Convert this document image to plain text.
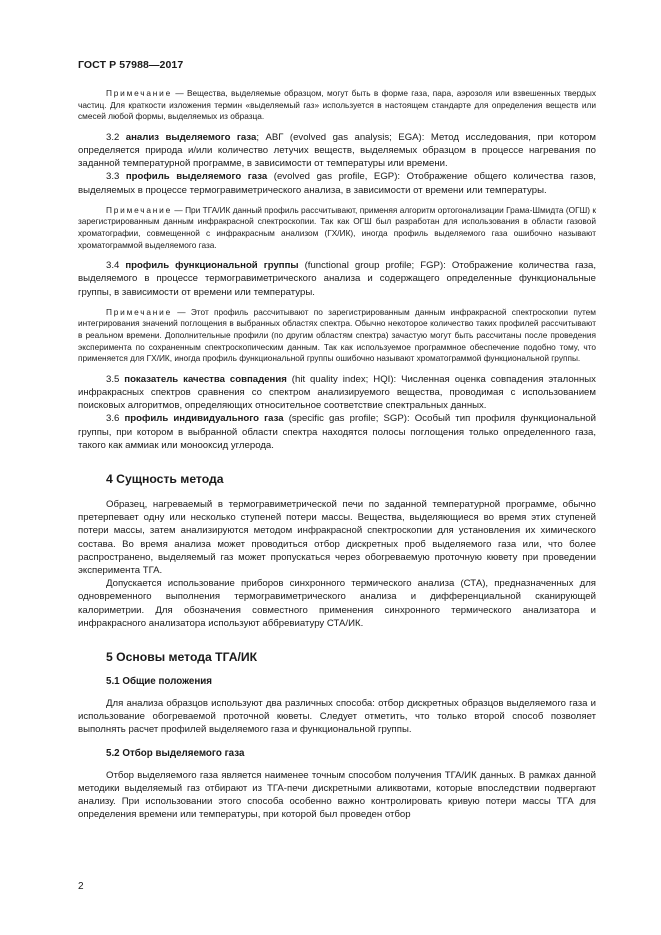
ГОСТ Р 57988—2017

Примечание — Вещества, выделяемые образцом, могут быть в форме газа, пара, аэрозоля или взвешенных твердых частиц. Для краткости изложения термин «выделяемый газ» используется в настоящем стандарте для определения веществ или смесей любой формы, выделяемых из образца.

3.2 анализ выделяемого газа; АВГ (evolved gas analysis; EGA): Метод исследования, при котором определяется природа и/или количество летучих веществ, выделяемых образцом в процессе нагревания по заданной температурной программе, в зависимости от температуры или времени.

3.3 профиль выделяемого газа (evolved gas profile, EGP): Отображение общего количества газов, выделяемых в процессе термогравиметрического анализа, в зависимости от времени или температуры.

Примечание — При ТГА/ИК данный профиль рассчитывают, применяя алгоритм ортогонализации Грама-Шмидта (ОГШ) к зарегистрированным данным инфракрасной спектроскопии. Так как ОГШ был разработан для использования в области газовой хроматографии, совмещенной с инфракрасным анализом (ГХ/ИК), иногда профиль выделяемого газа ошибочно называют хроматограммой выделяемого газа.

3.4 профиль функциональной группы (functional group profile; FGP): Отображение количества газа, выделяемого в процессе термогравиметрического анализа и содержащего определенные функциональные группы, в зависимости от времени или температуры.

Примечание — Этот профиль рассчитывают по зарегистрированным данным инфракрасной спектроскопии путем интегрирования значений поглощения в выбранных областях спектра. Обычно некоторое количество таких профилей рассчитывают в реальном времени. Дополнительные профили (по другим областям спектра) зачастую могут быть рассчитаны после проведения эксперимента по сохраненным спектроскопическим данным. Так как используемое программное обеспечение подобно тому, что применяется для ГХ/ИК, иногда профиль функциональной группы ошибочно называют хроматограммой функциональной группы.

3.5 показатель качества совпадения (hit quality index; HQI): Численная оценка совпадения эталонных инфракрасных спектров сравнения со спектром анализируемого вещества, проводимая с использованием поисковых алгоритмов, определяющих относительное соответствие спектральных данных.

3.6 профиль индивидуального газа (specific gas profile; SGP): Особый тип профиля функциональной группы, при котором в выбранной области спектра находятся полосы поглощения только определенного газа, такого как аммиак или монооксид углерода.

4 Сущность метода

Образец, нагреваемый в термогравиметрической печи по заданной температурной программе, обычно претерпевает одну или несколько ступеней потери массы. Вещества, выделяющиеся во время этих ступеней потери массы, затем анализируются методом инфракрасной спектроскопии для установления их химического состава. Во время анализа может проводиться отбор дискретных проб выделяемого газа или, что более распространено, выделяемый газ может пропускаться через обогреваемую проточную кювету при проведении эксперимента ТГА.

Допускается использование приборов синхронного термического анализа (СТА), предназначенных для одновременного выполнения термогравиметрического анализа и дифференциальной сканирующей калориметрии. Для обозначения совместного применения синхронного термического анализатора и инфракрасного анализатора используют аббревиатуру СТА/ИК.

5 Основы метода ТГА/ИК
5.1 Общие положения

Для анализа образцов используют два различных способа: отбор дискретных образцов выделяемого газа и использование обогреваемой проточной кюветы. Следует отметить, что только второй способ позволяет выполнять расчет профилей выделяемого газа и функциональной группы.

5.2 Отбор выделяемого газа

Отбор выделяемого газа является наименее точным способом получения ТГА/ИК данных. В рамках данной методики выделяемый газ отбирают из ТГА-печи дискретными аликвотами, которые впоследствии подвергают анализу. При использовании этого способа особенно важно контролировать кривую потери массы ТГА для определения времени или температуры, при которой был проведен отбор

2
